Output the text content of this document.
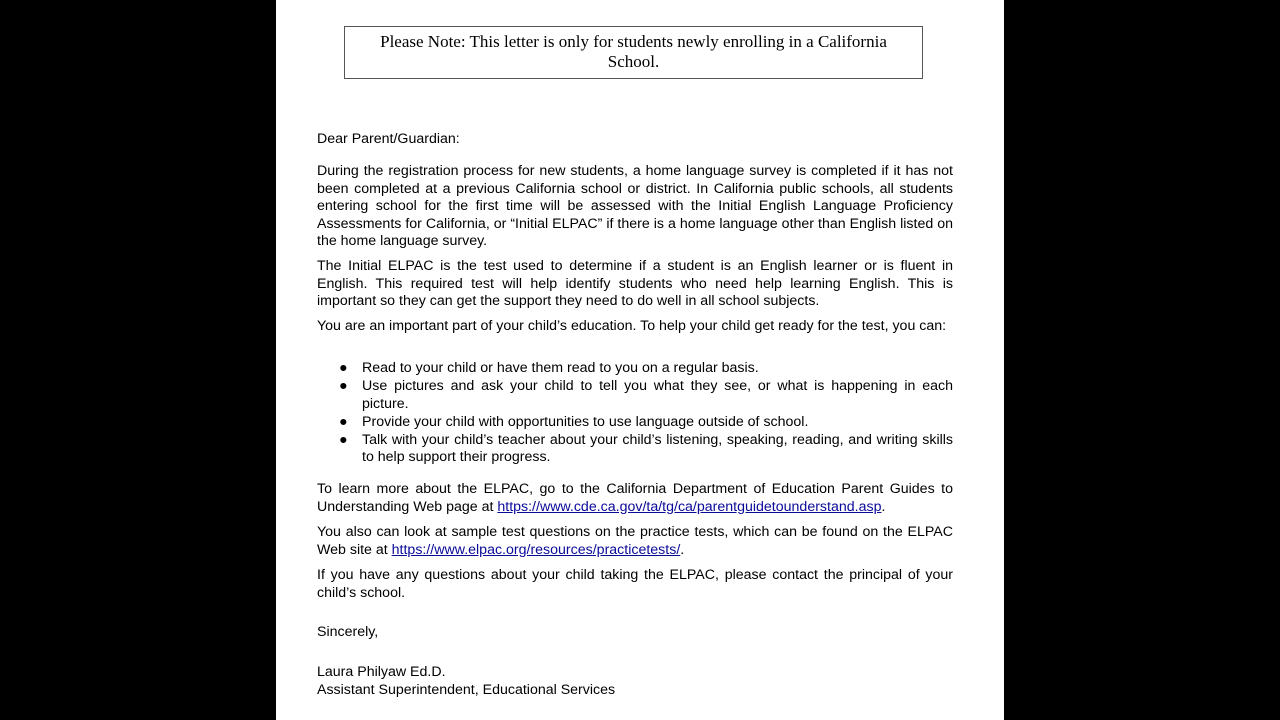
Please Note: This letter is only for students newly enrolling in a California School.
Dear Parent/Guardian:

During the registration process for new students, a home language survey is completed if it has not been completed at a previous California school or district. In California public schools, all students entering school for the first time will be assessed with the Initial English Language Proficiency Assessments for California, or “Initial ELPAC” if there is a home language other than English listed on the home language survey.

The Initial ELPAC is the test used to determine if a student is an English learner or is fluent in English. This required test will help identify students who need help learning English. This is important so they can get the support they need to do well in all school subjects.

You are an important part of your child’s education. To help your child get ready for the test, you can:

● Read to your child or have them read to you on a regular basis.
● Use pictures and ask your child to tell you what they see, or what is happening in each picture.
● Provide your child with opportunities to use language outside of school.
● Talk with your child’s teacher about your child’s listening, speaking, reading, and writing skills to help support their progress.

To learn more about the ELPAC, go to the California Department of Education Parent Guides to Understanding Web page at https://www.cde.ca.gov/ta/tg/ca/parentguidetounderstand.asp.

You also can look at sample test questions on the practice tests, which can be found on the ELPAC Web site at https://www.elpac.org/resources/practicetests/.

If you have any questions about your child taking the ELPAC, please contact the principal of your child’s school.

Sincerely,
Laura Philyaw Ed.D.
Assistant Superintendent, Educational Services
